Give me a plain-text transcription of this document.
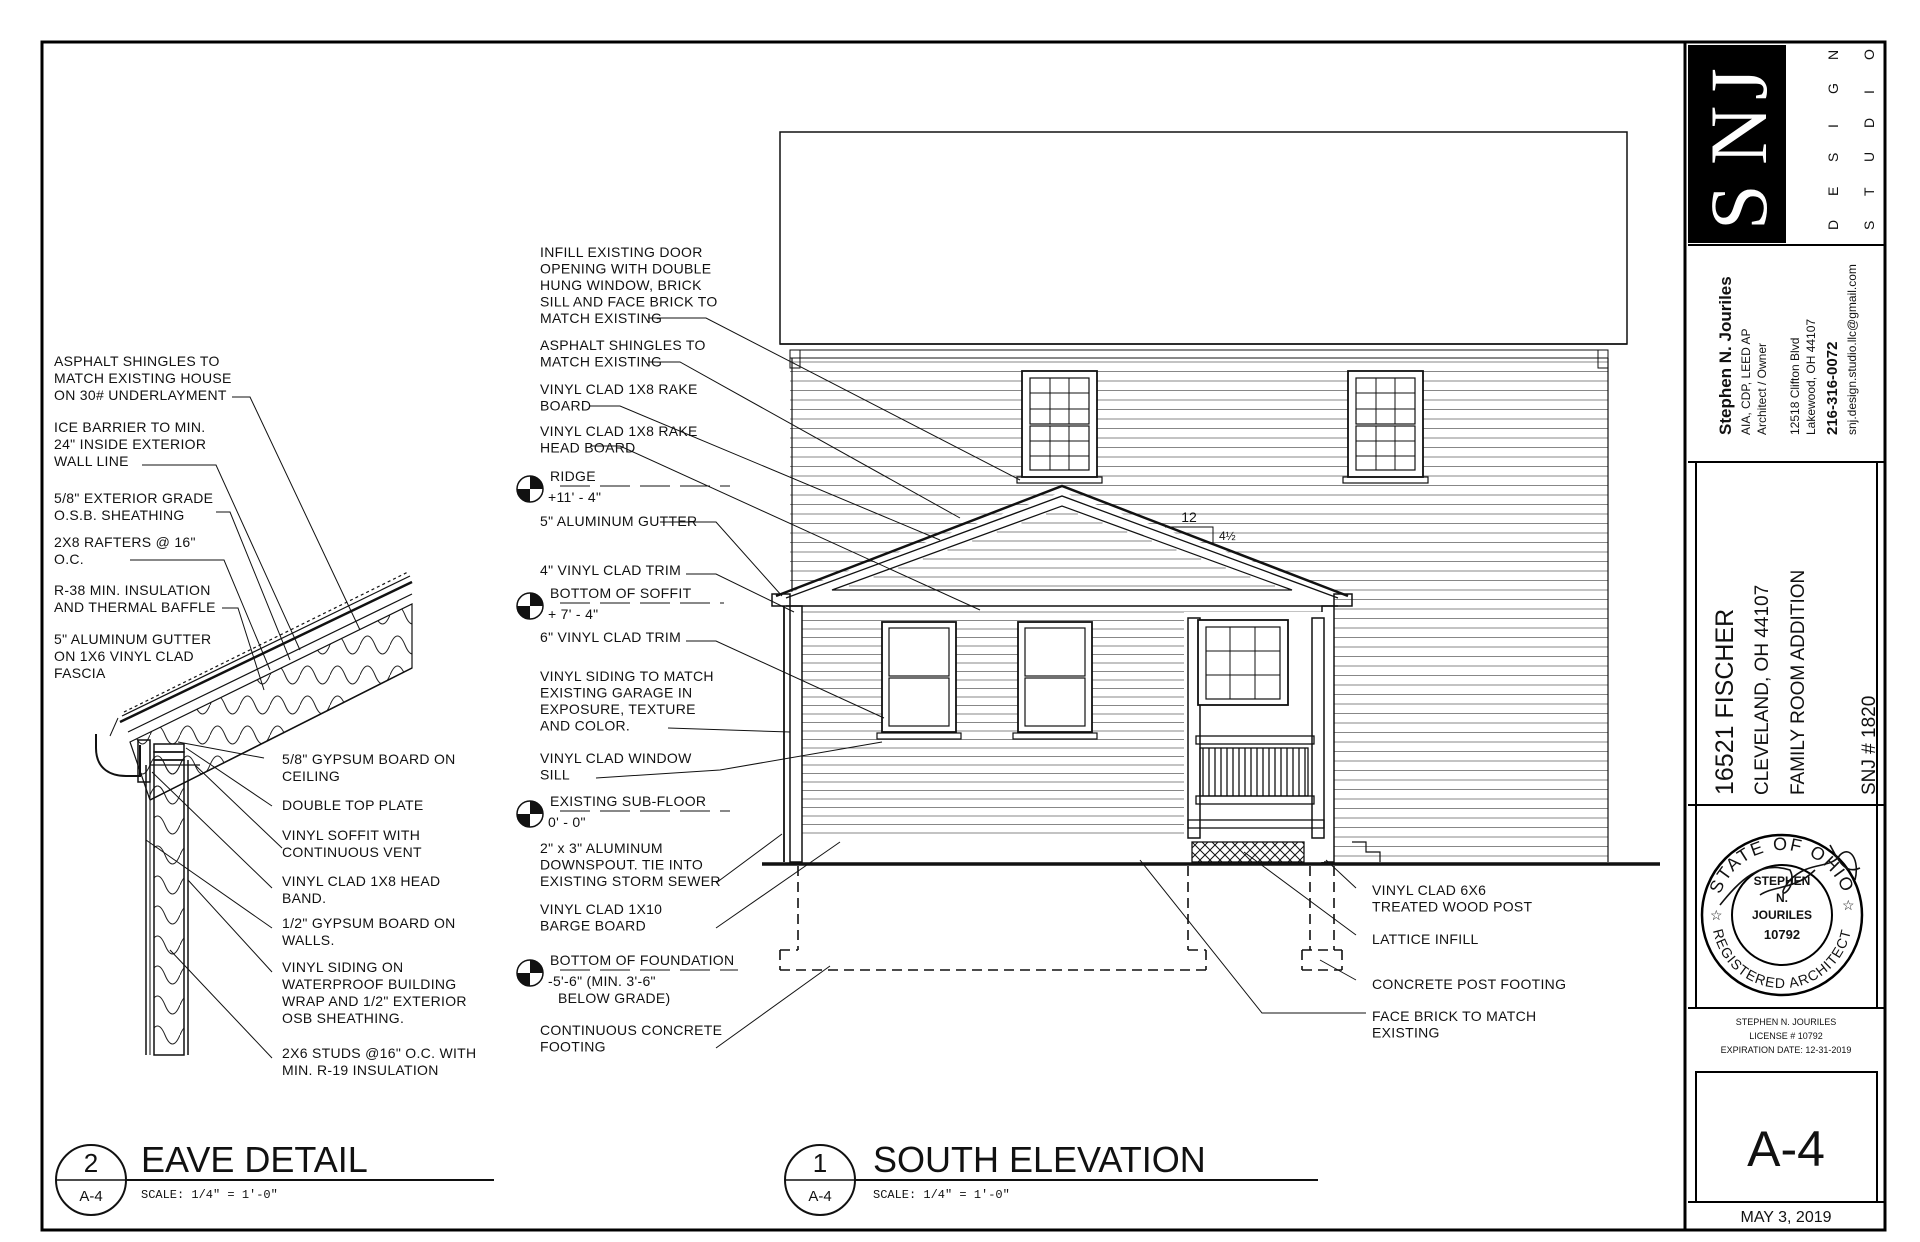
S
N
J
D
E
S
I
G
N
S
T
U
D
I
O
Stephen N. Jouriles AIA, CDP, LEED AP Architect / Owner 12518 Clifton Blvd Lakewood, OH 44107 216-316-0072 snj.design.studio.llc@gmail.com
16521 FISCHER CLEVELAND, OH 44107 FAMILY ROOM ADDITION	SNJ # 1820
STATE OF OHIO
REGISTERED ARCHITECT
STEPHEN
N.
JOURILES
10792
☆
☆
STEPHEN N. JOURILES
LICENSE # 10792
EXPIRATION DATE: 12-31-2019
A-4
MAY 3, 2019
12
4½
ASPHALT SHINGLES TO
MATCH EXISTING HOUSE
ON 30# UNDERLAYMENT
ICE BARRIER TO MIN.
24" INSIDE EXTERIOR
WALL LINE
5/8" EXTERIOR GRADE
O.S.B. SHEATHING
2X8 RAFTERS @ 16"
O.C.
R-38 MIN. INSULATION
AND THERMAL BAFFLE
5" ALUMINUM GUTTER
ON 1X6 VINYL CLAD
FASCIA
5/8" GYPSUM BOARD ON
CEILING
DOUBLE TOP PLATE
VINYL SOFFIT WITH
CONTINUOUS VENT
VINYL CLAD 1X8 HEAD
BAND.
1/2" GYPSUM BOARD ON
WALLS.
VINYL SIDING ON
WATERPROOF BUILDING
WRAP AND 1/2" EXTERIOR
OSB SHEATHING.
2X6 STUDS @16" O.C. WITH
MIN. R-19 INSULATION
INFILL EXISTING DOOR
OPENING WITH DOUBLE
HUNG WINDOW, BRICK
SILL AND FACE BRICK TO
MATCH EXISTING
ASPHALT SHINGLES TO
MATCH EXISTING
VINYL CLAD 1X8 RAKE
BOARD
VINYL CLAD 1X8 RAKE
HEAD BOARD
5" ALUMINUM GUTTER
4" VINYL CLAD TRIM
6" VINYL CLAD TRIM
VINYL SIDING TO MATCH
EXISTING GARAGE IN
EXPOSURE, TEXTURE
AND COLOR.
VINYL CLAD WINDOW
SILL
2" x 3" ALUMINUM
DOWNSPOUT. TIE INTO
EXISTING STORM SEWER
VINYL CLAD 1X10
BARGE BOARD
CONTINUOUS CONCRETE
FOOTING
RIDGE
+11' - 4"
BOTTOM OF SOFFIT
+ 7' - 4"
EXISTING SUB-FLOOR
0' - 0"
BOTTOM OF FOUNDATION
-5'-6" (MIN. 3'-6"
BELOW GRADE)
VINYL CLAD 6X6
TREATED WOOD POST
LATTICE INFILL
CONCRETE POST FOOTING
FACE BRICK TO MATCH
EXISTING
2
A-4
EAVE DETAIL
SCALE: 1/4" = 1'-0"
1
A-4
SOUTH ELEVATION
SCALE: 1/4" = 1'-0"
